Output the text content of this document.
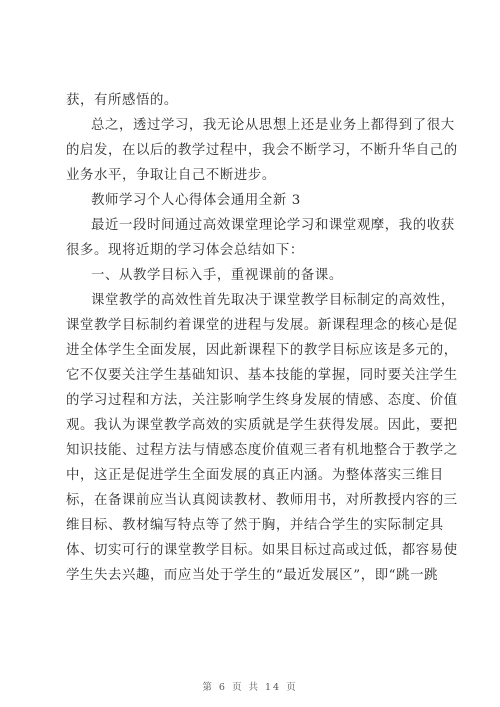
获，有所感悟的。
总之，透过学习，我无论从思想上还是业务上都得到了很大
的启发，在以后的教学过程中，我会不断学习，不断升华自己的
业务水平，争取让自己不断进步。
教师学习个人心得体会通用全新 3
最近一段时间通过高效课堂理论学习和课堂观摩，我的收获
很多。现将近期的学习体会总结如下：
一、从教学目标入手，重视课前的备课。
课堂教学的高效性首先取决于课堂教学目标制定的高效性，
课堂教学目标制约着课堂的进程与发展。新课程理念的核心是促
进全体学生全面发展，因此新课程下的教学目标应该是多元的，
它不仅要关注学生基础知识、基本技能的掌握，同时要关注学生
的学习过程和方法，关注影响学生终身发展的情感、态度、价值
观。我认为课堂教学高效的实质就是学生获得发展。因此，要把
知识技能、过程方法与情感态度价值观三者有机地整合于教学之
中，这正是促进学生全面发展的真正内涵。为整体落实三维目
标，在备课前应当认真阅读教材、教师用书，对所教授内容的三
维目标、教材编写特点等了然于胸，并结合学生的实际制定具
体、切实可行的课堂教学目标。如果目标过高或过低，都容易使
学生失去兴趣，而应当处于学生的“最近发展区”，即“跳一跳
第 6 页 共 14 页
